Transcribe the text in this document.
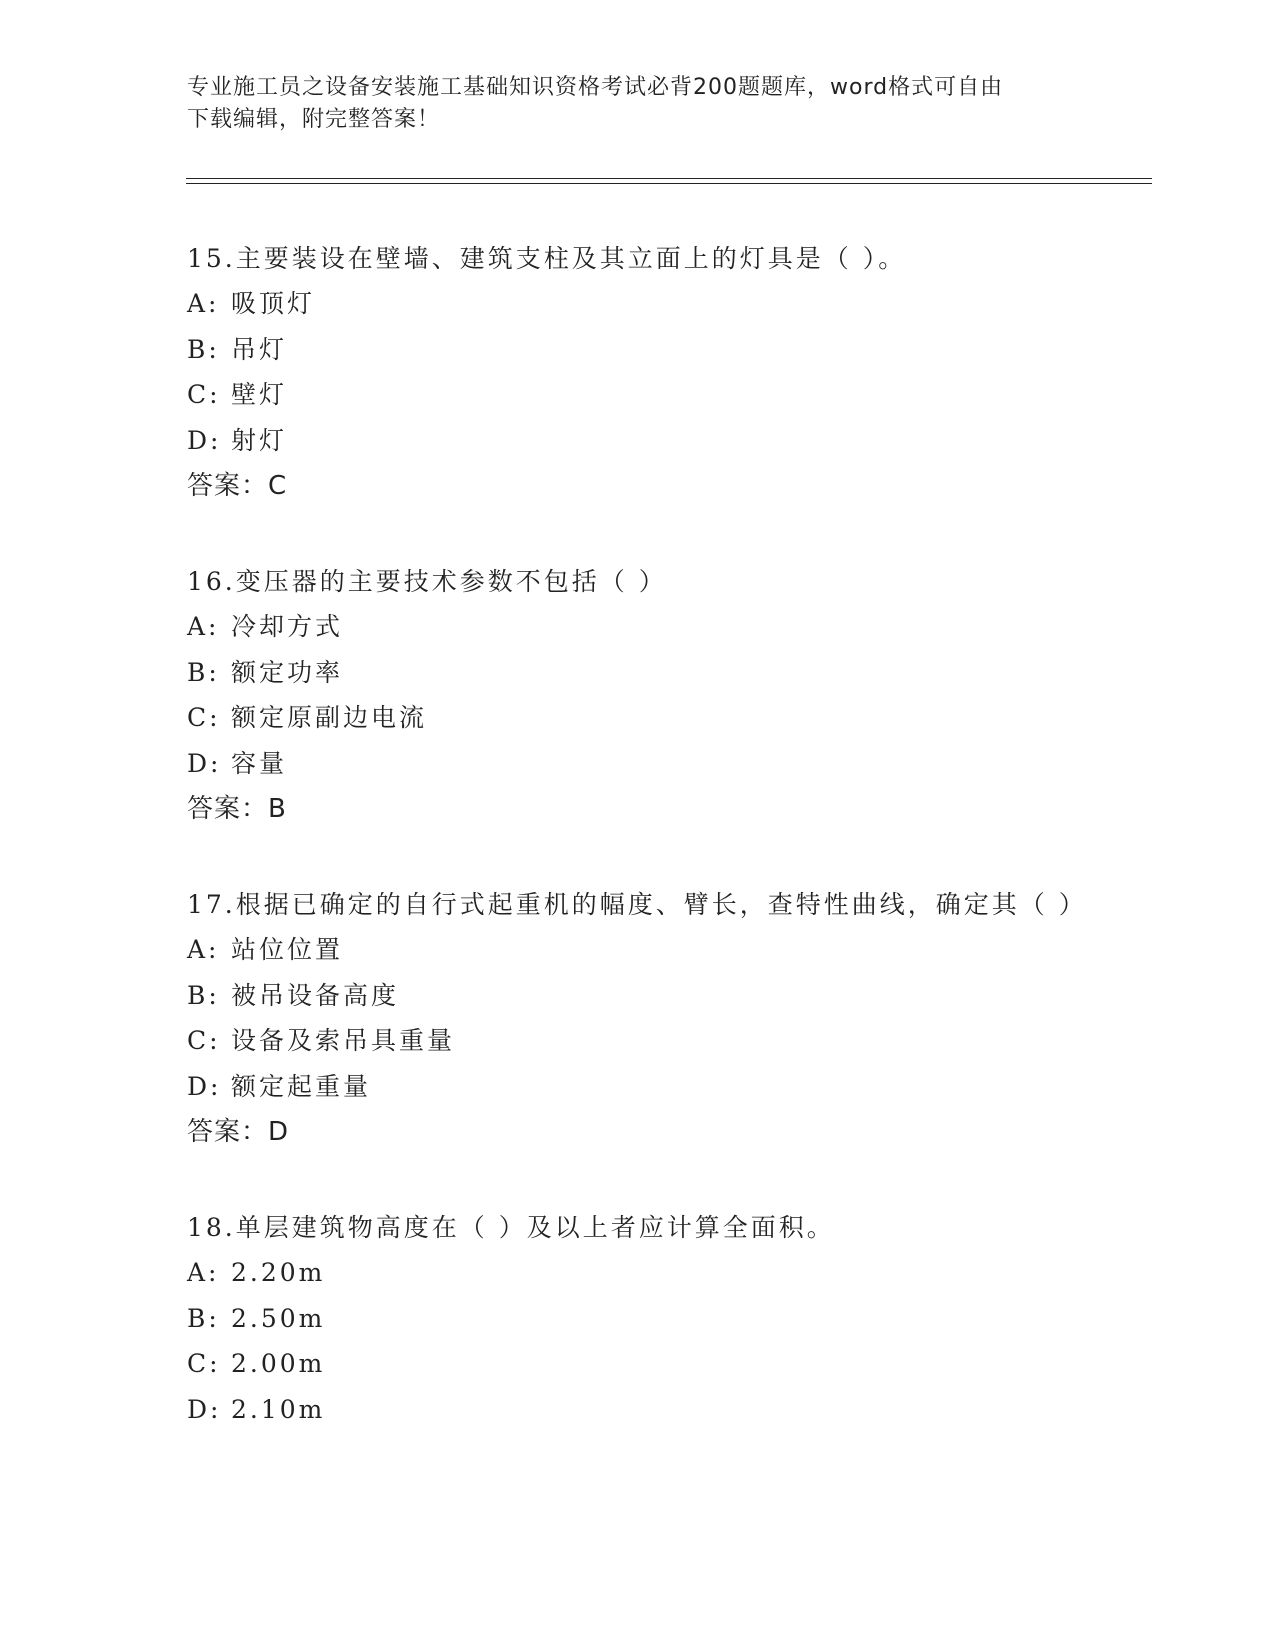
专业施工员之设备安装施工基础知识资格考试必背200题题库，word格式可自由
下载编辑，附完整答案！

15.主要装设在壁墙、建筑支柱及其立面上的灯具是（ ）。

A: 吸顶灯

B: 吊灯

C: 壁灯

D: 射灯

答案：C

16.变压器的主要技术参数不包括（ ）

A: 冷却方式

B: 额定功率

C: 额定原副边电流

D: 容量

答案：B

17.根据已确定的自行式起重机的幅度、臂长，查特性曲线，确定其（ ）

A: 站位位置

B: 被吊设备高度

C: 设备及索吊具重量

D: 额定起重量

答案：D

18.单层建筑物高度在（ ）及以上者应计算全面积。

A: 2.20m

B: 2.50m

C: 2.00m

D: 2.10m
